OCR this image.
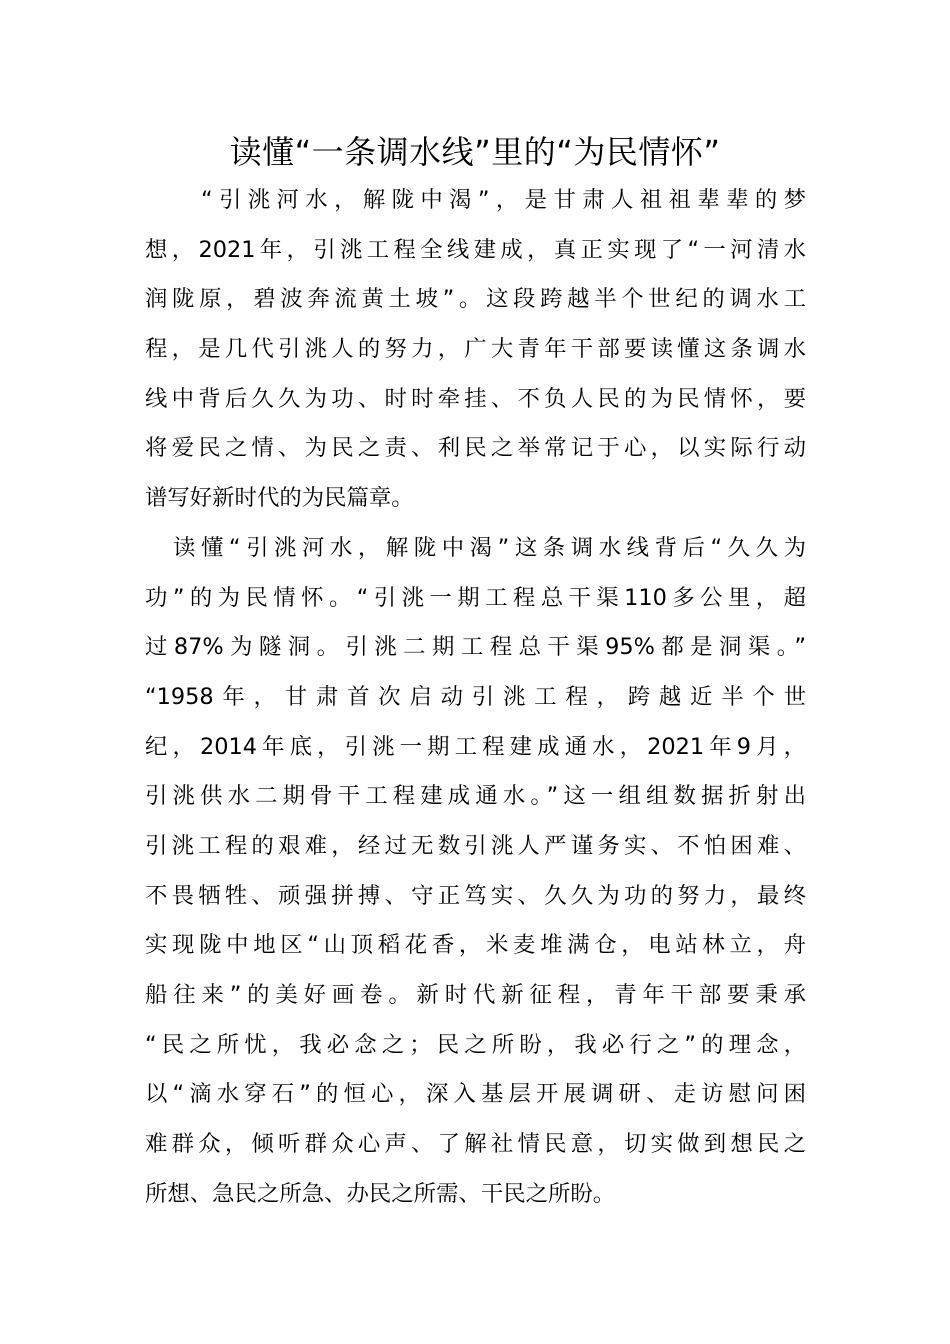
读懂“一条调水线”里的“为民情怀”
“引洮河水，解陇中渴”，是甘肃人祖祖辈辈的梦
想，2021年，引洮工程全线建成，真正实现了“一河清水
润陇原，碧波奔流黄土坡”。这段跨越半个世纪的调水工
程，是几代引洮人的努力，广大青年干部要读懂这条调水
线中背后久久为功、时时牵挂、不负人民的为民情怀，要
将爱民之情、为民之责、利民之举常记于心，以实际行动
谱写好新时代的为民篇章。
读懂“引洮河水，解陇中渴”这条调水线背后“久久为
功”的为民情怀。“引洮一期工程总干渠110多公里，超
过87%为隧洞。引洮二期工程总干渠95%都是洞渠。”
“1958年，甘肃首次启动引洮工程，跨越近半个世
纪，2014年底，引洮一期工程建成通水，2021年9月，
引洮供水二期骨干工程建成通水。”这一组组数据折射出
引洮工程的艰难，经过无数引洮人严谨务实、不怕困难、
不畏牺牲、顽强拼搏、守正笃实、久久为功的努力，最终
实现陇中地区“山顶稻花香，米麦堆满仓，电站林立，舟
船往来”的美好画卷。新时代新征程，青年干部要秉承
“民之所忧，我必念之；民之所盼，我必行之”的理念，
以“滴水穿石”的恒心，深入基层开展调研、走访慰问困
难群众，倾听群众心声、了解社情民意，切实做到想民之
所想、急民之所急、办民之所需、干民之所盼。
